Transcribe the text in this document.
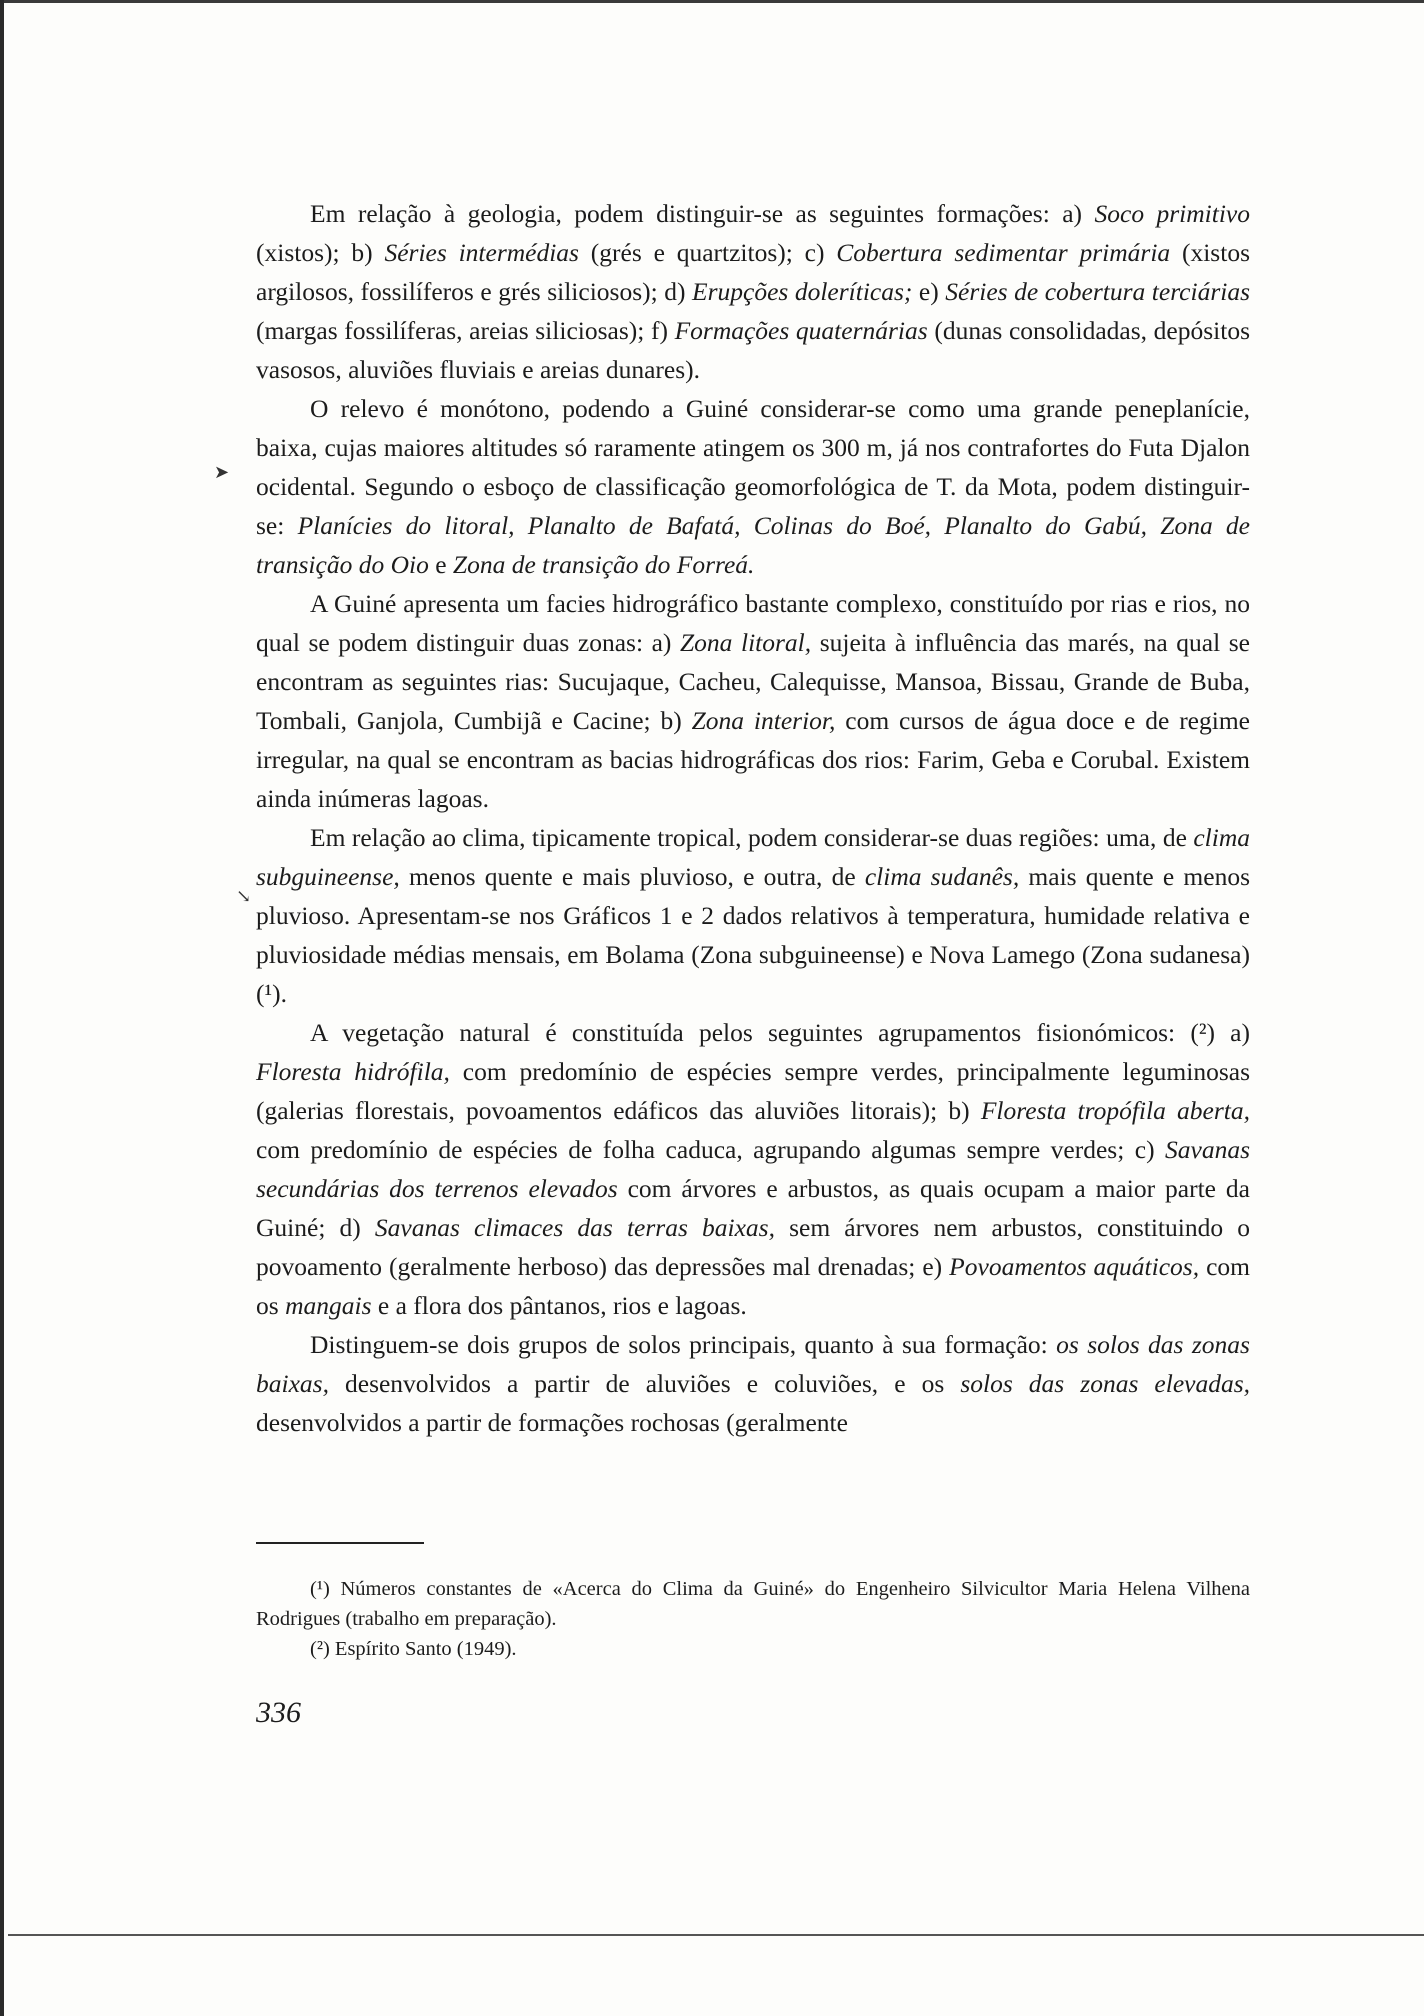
➤
↘

Em relação à geologia, podem distinguir-se as seguintes formações: a) Soco primitivo (xistos); b) Séries intermédias (grés e quartzitos); c) Cobertura sedimentar primária (xistos argilosos, fossilíferos e grés siliciosos); d) Erupções doleríticas; e) Séries de cobertura terciárias (margas fossilíferas, areias siliciosas); f) Formações quaternárias (dunas consolidadas, depósitos vasosos, aluviões fluviais e areias dunares).

O relevo é monótono, podendo a Guiné considerar-se como uma grande peneplanície, baixa, cujas maiores altitudes só raramente atingem os 300 m, já nos contrafortes do Futa Djalon ocidental. Segundo o esboço de classificação geomorfológica de T. da Mota, podem distinguir-se: Planícies do litoral, Planalto de Bafatá, Colinas do Boé, Planalto do Gabú, Zona de transição do Oio e Zona de transição do Forreá.

A Guiné apresenta um facies hidrográfico bastante complexo, constituído por rias e rios, no qual se podem distinguir duas zonas: a) Zona litoral, sujeita à influência das marés, na qual se encontram as seguintes rias: Sucujaque, Cacheu, Calequisse, Mansoa, Bissau, Grande de Buba, Tombali, Ganjola, Cumbijã e Cacine; b) Zona interior, com cursos de água doce e de regime irregular, na qual se encontram as bacias hidrográficas dos rios: Farim, Geba e Corubal. Existem ainda inúmeras lagoas.

Em relação ao clima, tipicamente tropical, podem considerar-se duas regiões: uma, de clima subguineense, menos quente e mais pluvioso, e outra, de clima sudanês, mais quente e menos pluvioso. Apresentam-se nos Gráficos 1 e 2 dados relativos à temperatura, humidade relativa e pluviosidade médias mensais, em Bolama (Zona subguineense) e Nova Lamego (Zona sudanesa) (¹).

A vegetação natural é constituída pelos seguintes agrupamentos fisionómicos: (²) a) Floresta hidrófila, com predomínio de espécies sempre verdes, principalmente leguminosas (galerias florestais, povoamentos edáficos das aluviões litorais); b) Floresta tropófila aberta, com predomínio de espécies de folha caduca, agrupando algumas sempre verdes; c) Savanas secundárias dos terrenos elevados com árvores e arbustos, as quais ocupam a maior parte da Guiné; d) Savanas climaces das terras baixas, sem árvores nem arbustos, constituindo o povoamento (geralmente herboso) das depressões mal drenadas; e) Povoamentos aquáticos, com os mangais e a flora dos pântanos, rios e lagoas.

Distinguem-se dois grupos de solos principais, quanto à sua formação: os solos das zonas baixas, desenvolvidos a partir de aluviões e coluviões, e os solos das zonas elevadas, desenvolvidos a partir de formações rochosas (geralmente

(¹) Números constantes de «Acerca do Clima da Guiné» do Engenheiro Silvicultor Maria Helena Vilhena Rodrigues (trabalho em preparação).

(²) Espírito Santo (1949).

336
